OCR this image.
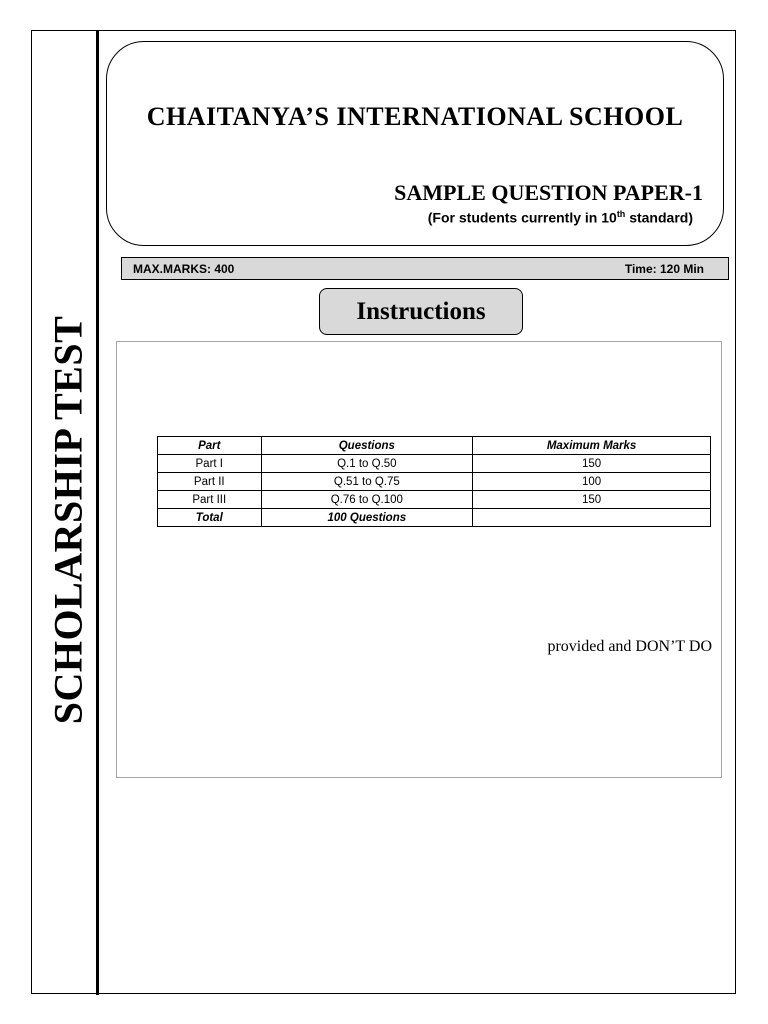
SCHOLARSHIP TEST
CHAITANYA’S INTERNATIONAL SCHOOL
SAMPLE QUESTION PAPER-1
(For students currently in 10th standard)
MAX.MARKS: 400	Time: 120 Min
Instructions
Part	Questions	Maximum Marks
Part I	Q.1 to Q.50	150
Part II	Q.51 to Q.75	100
Part III	Q.76 to Q.100	150
Total	100 Questions	
provided and DON’T DO
